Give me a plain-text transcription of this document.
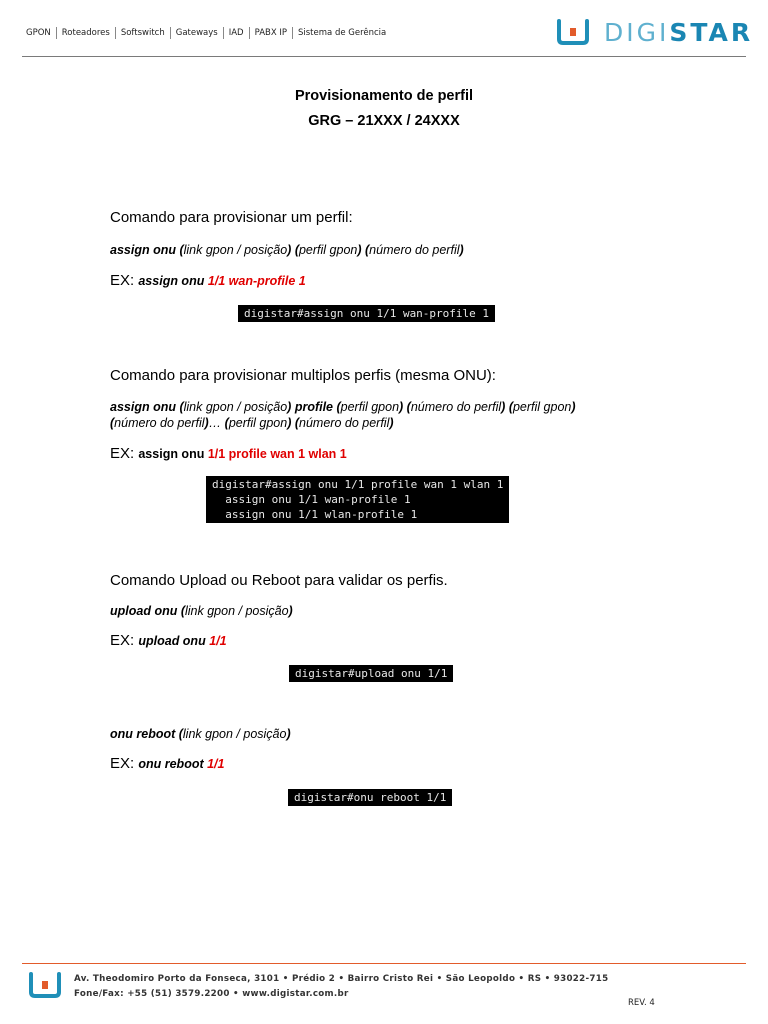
GPON Roteadores Softswitch Gateways IAD PABX IP Sistema de Gerência	DIGISTAR
Provisionamento de perfil
GRG – 21XXX / 24XXX
Comando para provisionar um perfil:
assign onu (link gpon / posição) (perfil gpon) (número do perfil)
EX: assign onu 1/1 wan-profile 1
digistar#assign onu 1/1 wan-profile 1
Comando para provisionar multiplos perfis (mesma ONU):
assign onu (link gpon / posição) profile (perfil gpon) (número do perfil) (perfil gpon)
(número do perfil)… (perfil gpon) (número do perfil)
EX: assign onu 1/1 profile wan 1 wlan 1
digistar#assign onu 1/1 profile wan 1 wlan 1
assign onu 1/1 wan-profile 1
assign onu 1/1 wlan-profile 1
Comando Upload ou Reboot para validar os perfis.
upload onu (link gpon / posição)
EX: upload onu 1/1
digistar#upload onu 1/1
onu reboot (link gpon / posição)
EX: onu reboot 1/1
digistar#onu reboot 1/1
Av. Theodomiro Porto da Fonseca, 3101 • Prédio 2 • Bairro Cristo Rei • São Leopoldo • RS • 93022-715
Fone/Fax: +55 (51) 3579.2200 • www.digistar.com.br
REV. 4
